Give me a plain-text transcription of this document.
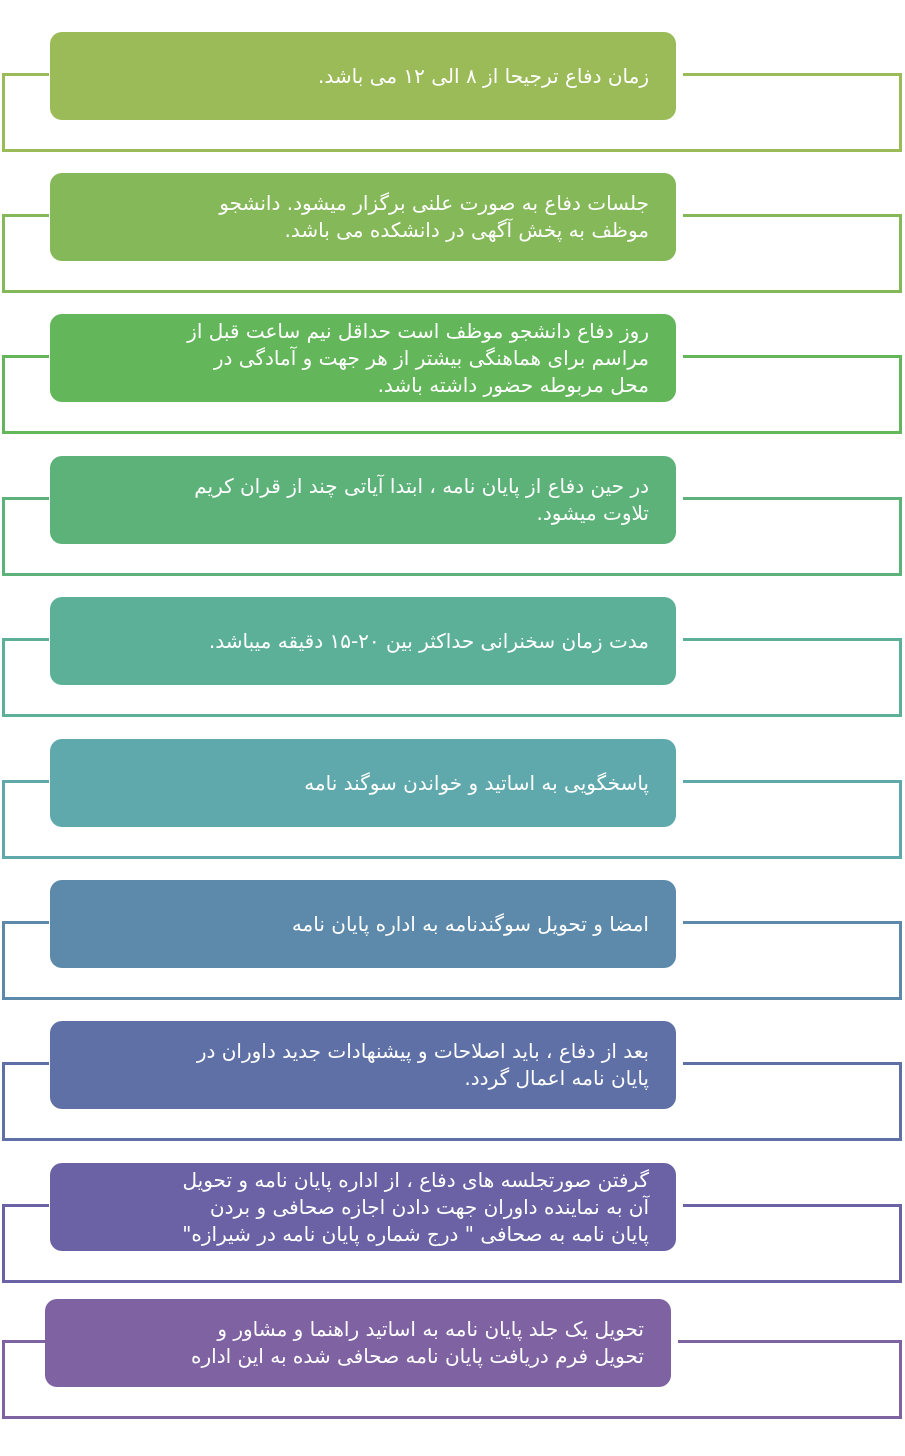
زمان دفاع ترجیحا از ۸ الی ۱۲ می باشد.
جلسات دفاع به صورت علنی برگزار میشود. دانشجو
موظف به پخش آگهی در دانشکده می باشد.
روز دفاع دانشجو موظف است حداقل نیم ساعت قبل از
مراسم برای هماهنگی بیشتر از هر جهت و آمادگی در
محل مربوطه حضور داشته باشد.
در حین دفاع از پایان نامه ، ابتدا آیاتی چند از قران کریم
تلاوت میشود.
مدت زمان سخنرانی حداکثر بین ۲۰-۱۵ دقیقه میباشد.
پاسخگویی به اساتید و خواندن سوگند نامه
امضا و تحویل سوگندنامه به اداره پایان نامه
بعد از دفاع ، باید اصلاحات و پیشنهادات جدید داوران در
پایان نامه اعمال گردد.
گرفتن صورتجلسه های دفاع ، از اداره پایان نامه و تحویل
آن به نماینده داوران جهت دادن اجازه صحافی و بردن
پایان نامه به صحافی " درج شماره پایان نامه در شیرازه"
تحویل یک جلد پایان نامه به اساتید راهنما و مشاور و
تحویل فرم دریافت پایان نامه صحافی شده به این اداره
